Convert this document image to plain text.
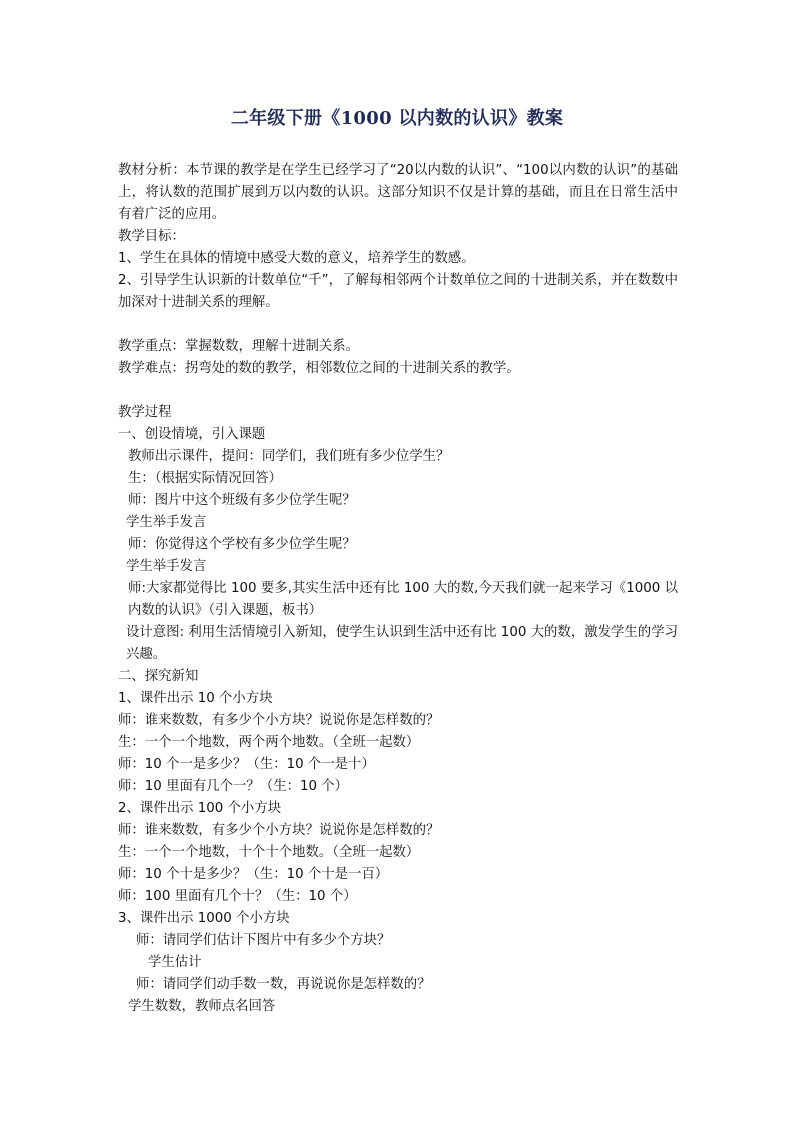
二年级下册《1000 以内数的认识》教案

教材分析：本节课的教学是在学生已经学习了“20以内数的认识”、“100以内数的认识”的基础上，将认数的范围扩展到万以内数的认识。这部分知识不仅是计算的基础，而且在日常生活中有着广泛的应用。

教学目标：

1、学生在具体的情境中感受大数的意义，培养学生的数感。

2、引导学生认识新的计数单位“千”，了解每相邻两个计数单位之间的十进制关系，并在数数中加深对十进制关系的理解。

教学重点：掌握数数，理解十进制关系。

教学难点：拐弯处的数的教学，相邻数位之间的十进制关系的教学。

教学过程

一、创设情境，引入课题

教师出示课件，提问：同学们，我们班有多少位学生？

生：（根据实际情况回答）

师：图片中这个班级有多少位学生呢？

学生举手发言

师：你觉得这个学校有多少位学生呢？

学生举手发言

师:大家都觉得比 100 要多,其实生活中还有比 100 大的数,今天我们就一起来学习《1000 以内数的认识》（引入课题，板书）

设计意图: 利用生活情境引入新知，使学生认识到生活中还有比 100 大的数，激发学生的学习兴趣。

二、探究新知

1、课件出示 10 个小方块

师：谁来数数，有多少个小方块？说说你是怎样数的？

生：一个一个地数，两个两个地数。（全班一起数）

师：10 个一是多少？（生：10 个一是十）

师：10 里面有几个一？（生：10 个）

2、课件出示 100 个小方块

师：谁来数数，有多少个小方块？说说你是怎样数的？

生：一个一个地数，十个十个地数。（全班一起数）

师：10 个十是多少？（生：10 个十是一百）

师：100 里面有几个十？（生：10 个）

3、课件出示 1000 个小方块

师：请同学们估计下图片中有多少个方块？

学生估计

师：请同学们动手数一数，再说说你是怎样数的？

学生数数，教师点名回答
